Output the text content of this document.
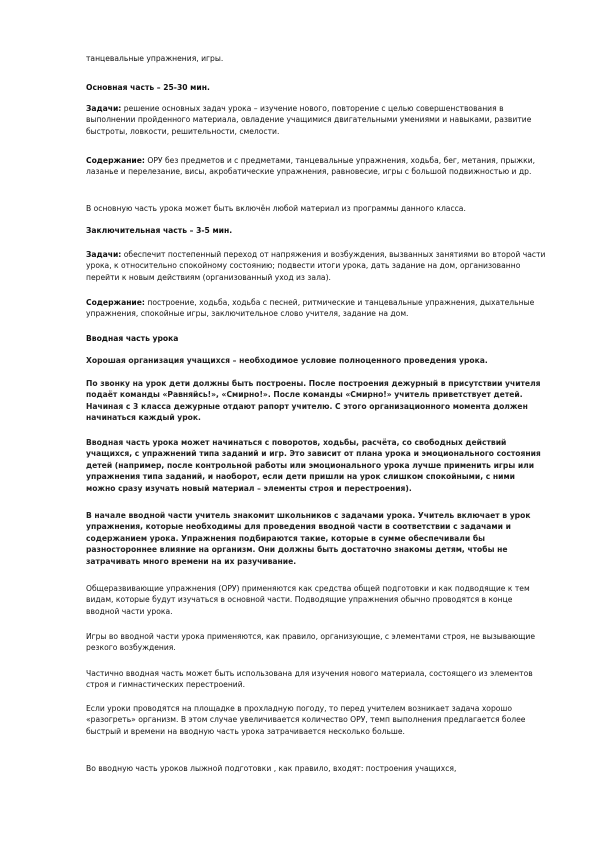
танцевальные упражнения, игры.

Основная часть – 25-30 мин.

Задачи: решение основных задач урока – изучение нового, повторение с целью совершенствования в выполнении пройденного материала, овладение учащимися двигательными умениями и навыками, развитие быстроты, ловкости, решительности, смелости.

Содержание: ОРУ без предметов и с предметами, танцевальные упражнения, ходьба, бег, метания, прыжки, лазанье и перелезание, висы, акробатические упражнения, равновесие, игры с большой подвижностью и др.

В основную часть урока может быть включён любой материал из программы данного класса.

Заключительная часть – 3-5 мин.

Задачи: обеспечит постепенный переход от напряжения и возбуждения, вызванных занятиями во второй части урока, к относительно спокойному состоянию; подвести итоги урока, дать задание на дом, организованно перейти к новым действиям (организованный уход из зала).

Содержание: построение, ходьба, ходьба с песней, ритмические и танцевальные упражнения, дыхательные упражнения, спокойные игры, заключительное слово учителя, задание на дом.

Вводная часть урока

Хорошая организация учащихся – необходимое условие полноценного проведения урока.

По звонку на урок дети должны быть построены. После построения дежурный в присутствии учителя подаёт команды «Равняйсь!», «Смирно!». После команды «Смирно!» учитель приветствует детей. Начиная с 3 класса дежурные отдают рапорт учителю. С этого организационного момента должен начинаться каждый урок.

Вводная часть урока может начинаться с поворотов, ходьбы, расчёта, со свободных действий учащихся, с упражнений типа заданий и игр. Это зависит от плана урока и эмоционального состояния детей (например, после контрольной работы или эмоционального урока лучше применить игры или упражнения типа заданий, и наоборот, если дети пришли на урок слишком спокойными, с ними можно сразу изучать новый материал – элементы строя и перестроения).

В начале вводной части учитель знакомит школьников с задачами урока. Учитель включает в урок упражнения, которые необходимы для проведения вводной части в соответствии с задачами и содержанием урока. Упражнения подбираются такие, которые в сумме обеспечивали бы разностороннее влияние на организм. Они должны быть достаточно знакомы детям, чтобы не затрачивать много времени на их разучивание.

Общеразвивающие упражнения (ОРУ) применяются как средства общей подготовки и как подводящие к тем видам, которые будут изучаться в основной части. Подводящие упражнения обычно проводятся в конце вводной части урока.

Игры во вводной части урока применяются, как правило, организующие, с элементами строя, не вызывающие резкого возбуждения.

Частично вводная часть может быть использована для изучения нового материала, состоящего из элементов строя и гимнастических перестроений.

Если уроки проводятся на площадке в прохладную погоду, то перед учителем возникает задача хорошо «разогреть» организм. В этом случае увеличивается количество ОРУ, темп выполнения предлагается более быстрый и времени на вводную часть урока затрачивается несколько больше.

Во вводную часть уроков лыжной подготовки , как правило, входят: построения учащихся,
